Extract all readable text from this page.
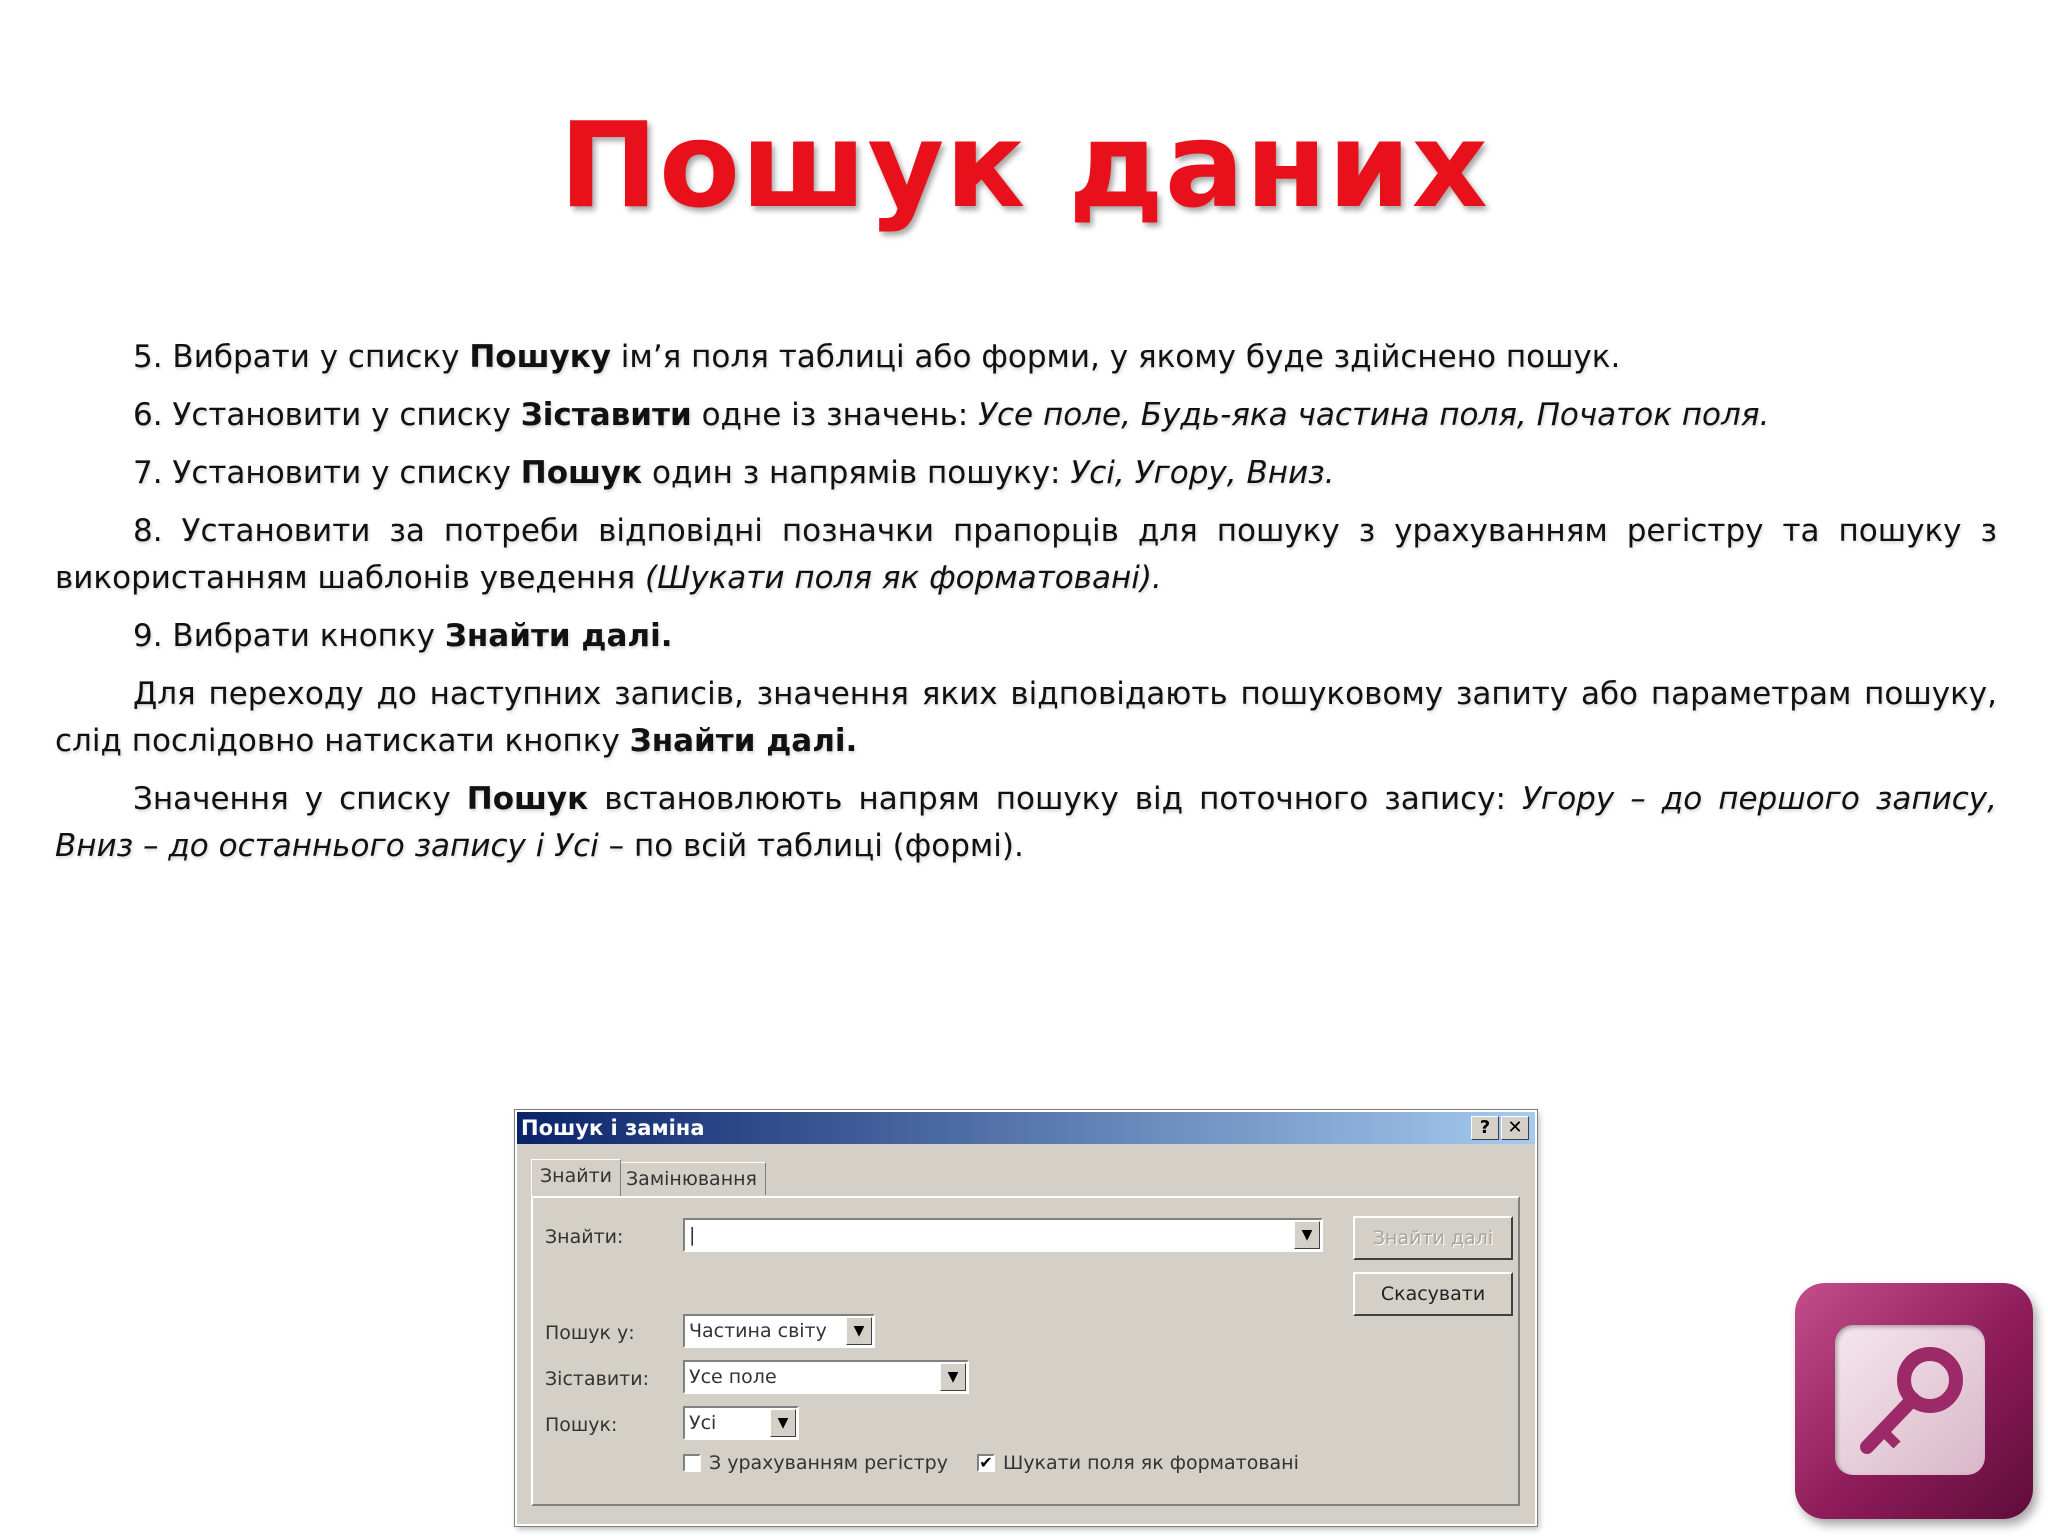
Пошук даних

5. Вибрати у списку Пошуку ім’я поля таблиці або форми, у якому буде здійснено пошук.

6. Установити у списку Зіставити одне із значень: Усе поле, Будь-яка частина поля, Початок поля.

7. Установити у списку Пошук один з напрямів пошуку: Усі, Угору, Вниз.

8. Установити за потреби відповідні позначки прапорців для пошуку з урахуванням регістру та пошуку з використанням шаблонів уведення (Шукати поля як форматовані).

9. Вибрати кнопку Знайти далі.

Для переходу до наступних записів, значення яких відповідають пошуковому запиту або параметрам пошуку, слід послідовно натискати кнопку Знайти далі.

Значення у списку Пошук встановлюють напрям пошуку від поточного запису: Угору – до першого запису, Вниз – до останнього запису і Усі – по всій таблиці (формі).

Пошук і заміна	? ✕
Знайти Замінювання
Знайти:	|	▼	Знайти далі
Скасувати
Пошук у:	Частина світу	▼
Зіставити:	Усе поле	▼
Пошук:	Усі	▼
З урахуванням регістру ✔ Шукати поля як форматовані
